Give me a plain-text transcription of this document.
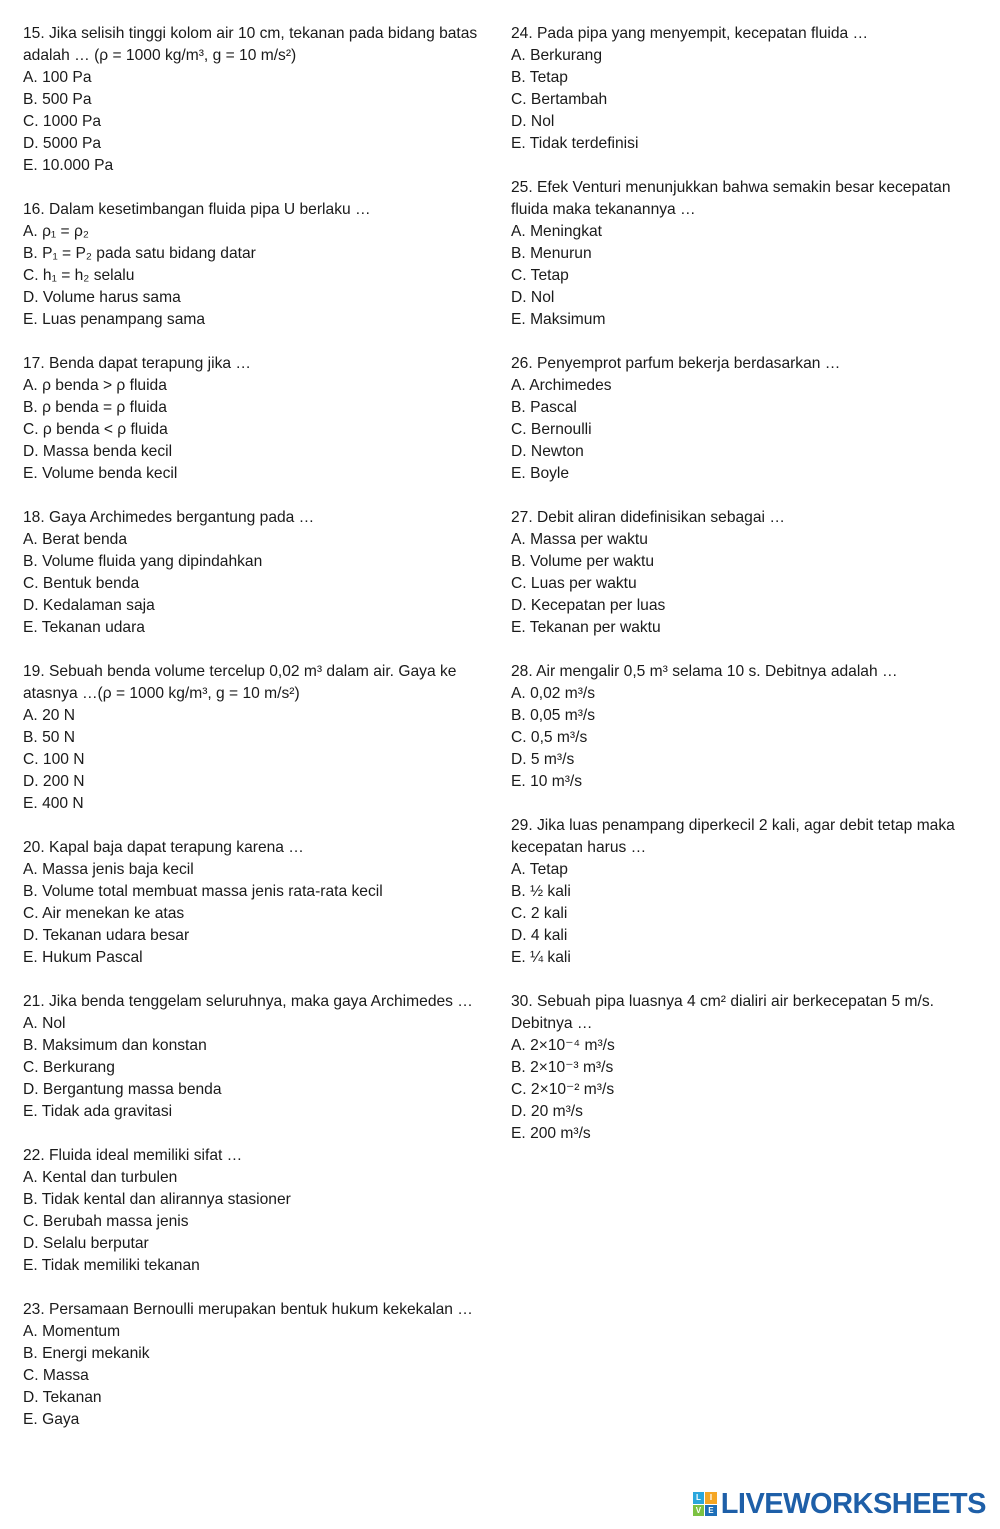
15. Jika selisih tinggi kolom air 10 cm, tekanan pada bidang batas adalah … (ρ = 1000 kg/m³, g = 10 m/s²)

A. 100 Pa

B. 500 Pa

C. 1000 Pa

D. 5000 Pa

E. 10.000 Pa

16. Dalam kesetimbangan fluida pipa U berlaku …

A. ρ₁ = ρ₂

B. P₁ = P₂ pada satu bidang datar

C. h₁ = h₂ selalu

D. Volume harus sama

E. Luas penampang sama

17. Benda dapat terapung jika …

A. ρ benda > ρ fluida

B. ρ benda = ρ fluida

C. ρ benda < ρ fluida

D. Massa benda kecil

E. Volume benda kecil

18. Gaya Archimedes bergantung pada …

A. Berat benda

B. Volume fluida yang dipindahkan

C. Bentuk benda

D. Kedalaman saja

E. Tekanan udara

19. Sebuah benda volume tercelup 0,02 m³ dalam air. Gaya ke atasnya …(ρ = 1000 kg/m³, g = 10 m/s²)

A. 20 N

B. 50 N

C. 100 N

D. 200 N

E. 400 N

20. Kapal baja dapat terapung karena …

A. Massa jenis baja kecil

B. Volume total membuat massa jenis rata-rata kecil

C. Air menekan ke atas

D. Tekanan udara besar

E. Hukum Pascal

21. Jika benda tenggelam seluruhnya, maka gaya Archimedes …

A. Nol

B. Maksimum dan konstan

C. Berkurang

D. Bergantung massa benda

E. Tidak ada gravitasi

22. Fluida ideal memiliki sifat …

A. Kental dan turbulen

B. Tidak kental dan alirannya stasioner

C. Berubah massa jenis

D. Selalu berputar

E. Tidak memiliki tekanan

23. Persamaan Bernoulli merupakan bentuk hukum kekekalan …

A. Momentum

B. Energi mekanik

C. Massa

D. Tekanan

E. Gaya

24. Pada pipa yang menyempit, kecepatan fluida …

A. Berkurang

B. Tetap

C. Bertambah

D. Nol

E. Tidak terdefinisi

25. Efek Venturi menunjukkan bahwa semakin besar kecepatan fluida maka tekanannya …

A. Meningkat

B. Menurun

C. Tetap

D. Nol

E. Maksimum

26. Penyemprot parfum bekerja berdasarkan …

A. Archimedes

B. Pascal

C. Bernoulli

D. Newton

E. Boyle

27. Debit aliran didefinisikan sebagai …

A. Massa per waktu

B. Volume per waktu

C. Luas per waktu

D. Kecepatan per luas

E. Tekanan per waktu

28. Air mengalir 0,5 m³ selama 10 s. Debitnya adalah …

A. 0,02 m³/s

B. 0,05 m³/s

C. 0,5 m³/s

D. 5 m³/s

E. 10 m³/s

29. Jika luas penampang diperkecil 2 kali, agar debit tetap maka kecepatan harus …

A. Tetap

B. ½ kali

C. 2 kali

D. 4 kali

E. ¼ kali

30. Sebuah pipa luasnya 4 cm² dialiri air berkecepatan 5 m/s. Debitnya …

A. 2×10⁻⁴ m³/s

B. 2×10⁻³ m³/s

C. 2×10⁻² m³/s

D. 20 m³/s

E. 200 m³/s

L	I
V E LIVEWORKSHEETS
